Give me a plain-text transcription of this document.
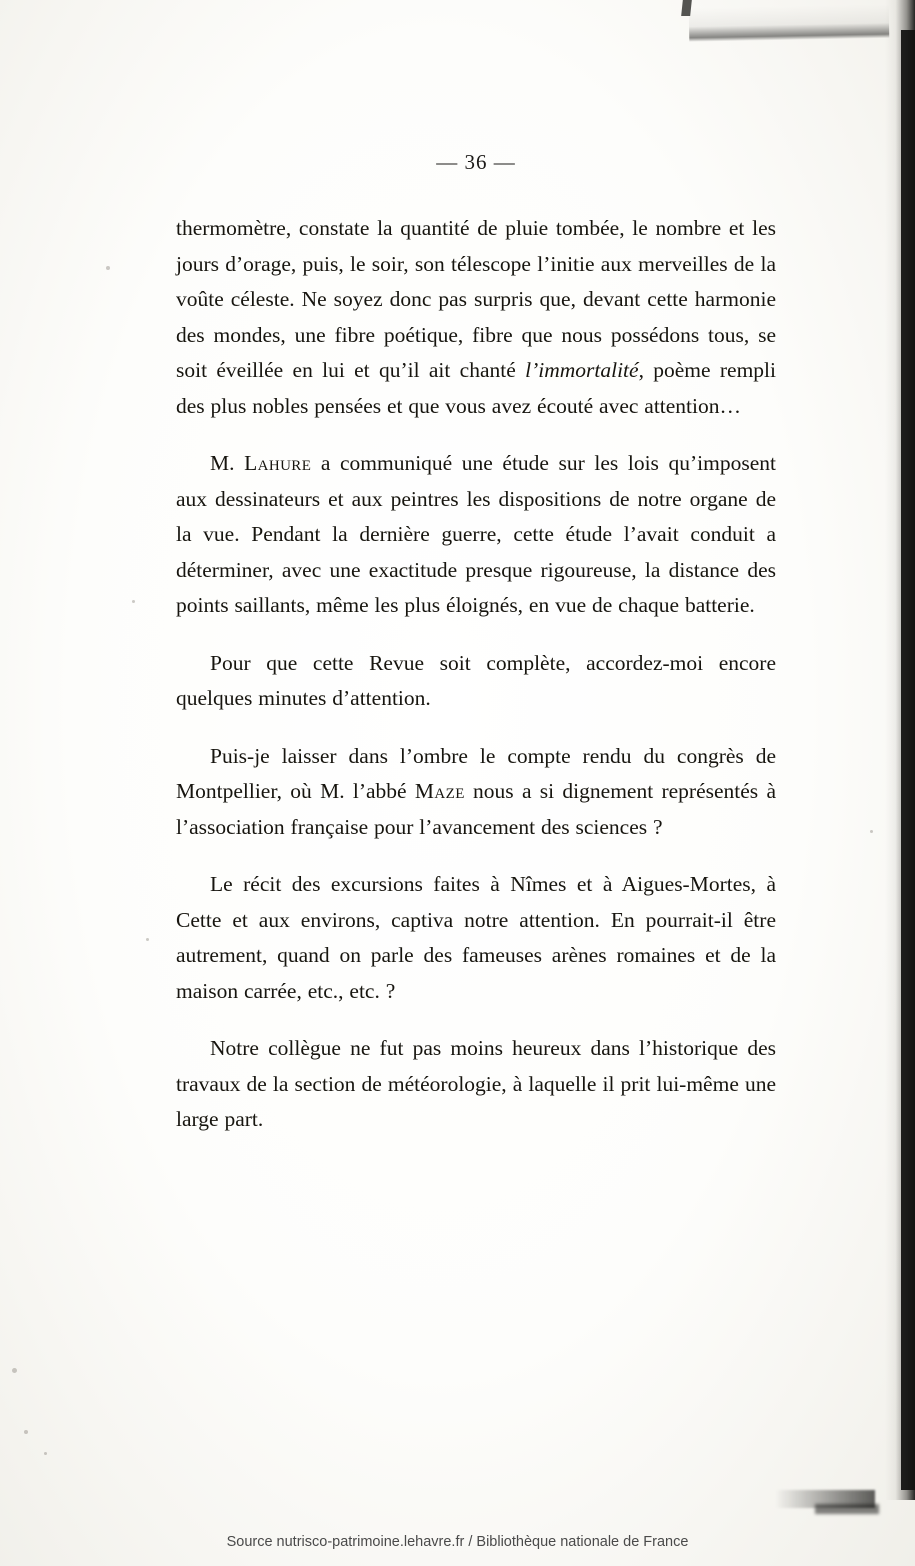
— 36 —
thermomètre, constate la quantité de pluie tombée, le nombre et les jours d’orage, puis, le soir, son télescope l’initie aux merveilles de la voûte céleste. Ne soyez donc pas surpris que, devant cette harmonie des mondes, une fibre poétique, fibre que nous possédons tous, se soit éveillée en lui et qu’il ait chanté l’immortalité, poème rempli des plus nobles pensées et que vous avez écouté avec attention…
M. Lahure a communiqué une étude sur les lois qu’imposent aux dessinateurs et aux peintres les dispositions de notre organe de la vue. Pendant la dernière guerre, cette étude l’avait conduit a déterminer, avec une exactitude presque rigoureuse, la distance des points saillants, même les plus éloignés, en vue de chaque batterie.
Pour que cette Revue soit complète, accordez-moi encore quelques minutes d’attention.
Puis-je laisser dans l’ombre le compte rendu du congrès de Montpellier, où M. l’abbé Maze nous a si dignement représentés à l’association française pour l’avancement des sciences ?
Le récit des excursions faites à Nîmes et à Aigues-Mortes, à Cette et aux environs, captiva notre attention. En pourrait-il être autrement, quand on parle des fameuses arènes romaines et de la maison carrée, etc., etc. ?
Notre collègue ne fut pas moins heureux dans l’historique des travaux de la section de météorologie, à laquelle il prit lui-même une large part.
Source nutrisco-patrimoine.lehavre.fr / Bibliothèque nationale de France
